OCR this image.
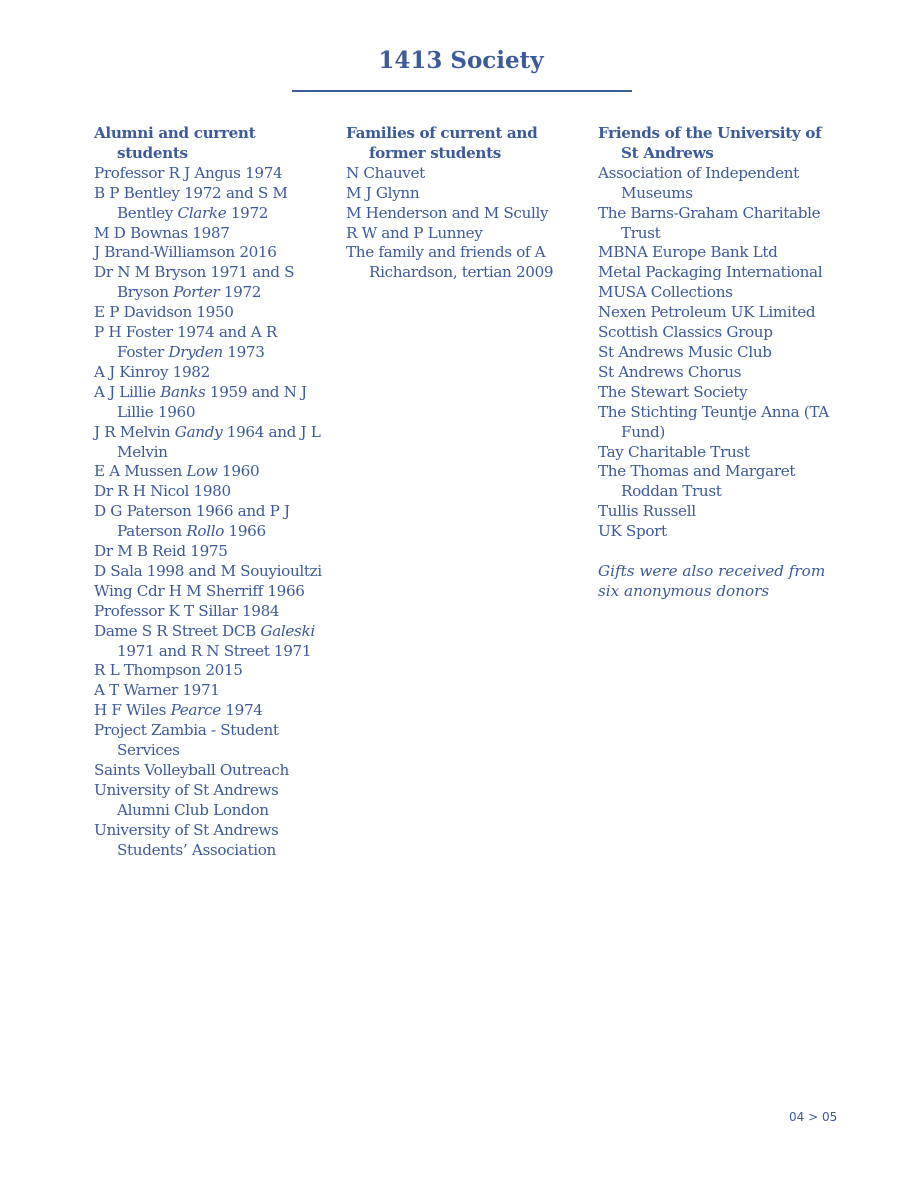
1413 Society
Alumni and current students
Professor R J Angus 1974
B P Bentley 1972 and S M Bentley Clarke 1972
M D Bownas 1987
J Brand-Williamson 2016
Dr N M Bryson 1971 and S Bryson Porter 1972
E P Davidson 1950
P H Foster 1974 and A R Foster Dryden 1973
A J Kinroy 1982
A J Lillie Banks 1959 and N J Lillie 1960
J R Melvin Gandy 1964 and J L Melvin
E A Mussen Low 1960
Dr R H Nicol 1980
D G Paterson 1966 and P J Paterson Rollo 1966
Dr M B Reid 1975
D Sala 1998 and M Souyioultzi
Wing Cdr H M Sherriff 1966
Professor K T Sillar 1984
Dame S R Street DCB Galeski 1971 and R N Street 1971
R L Thompson 2015
A T Warner 1971
H F Wiles Pearce 1974
Project Zambia - Student Services
Saints Volleyball Outreach
University of St Andrews Alumni Club London
University of St Andrews Students’ Association
Families of current and former students
N Chauvet
M J Glynn
M Henderson and M Scully
R W and P Lunney
The family and friends of A Richardson, tertian 2009
Friends of the University of St Andrews
Association of Independent Museums
The Barns-Graham Charitable Trust
MBNA Europe Bank Ltd
Metal Packaging International
MUSA Collections
Nexen Petroleum UK Limited
Scottish Classics Group
St Andrews Music Club
St Andrews Chorus
The Stewart Society
The Stichting Teuntje Anna (TA Fund)
Tay Charitable Trust
The Thomas and Margaret Roddan Trust
Tullis Russell
UK Sport
Gifts were also received from six anonymous donors
04 > 05
